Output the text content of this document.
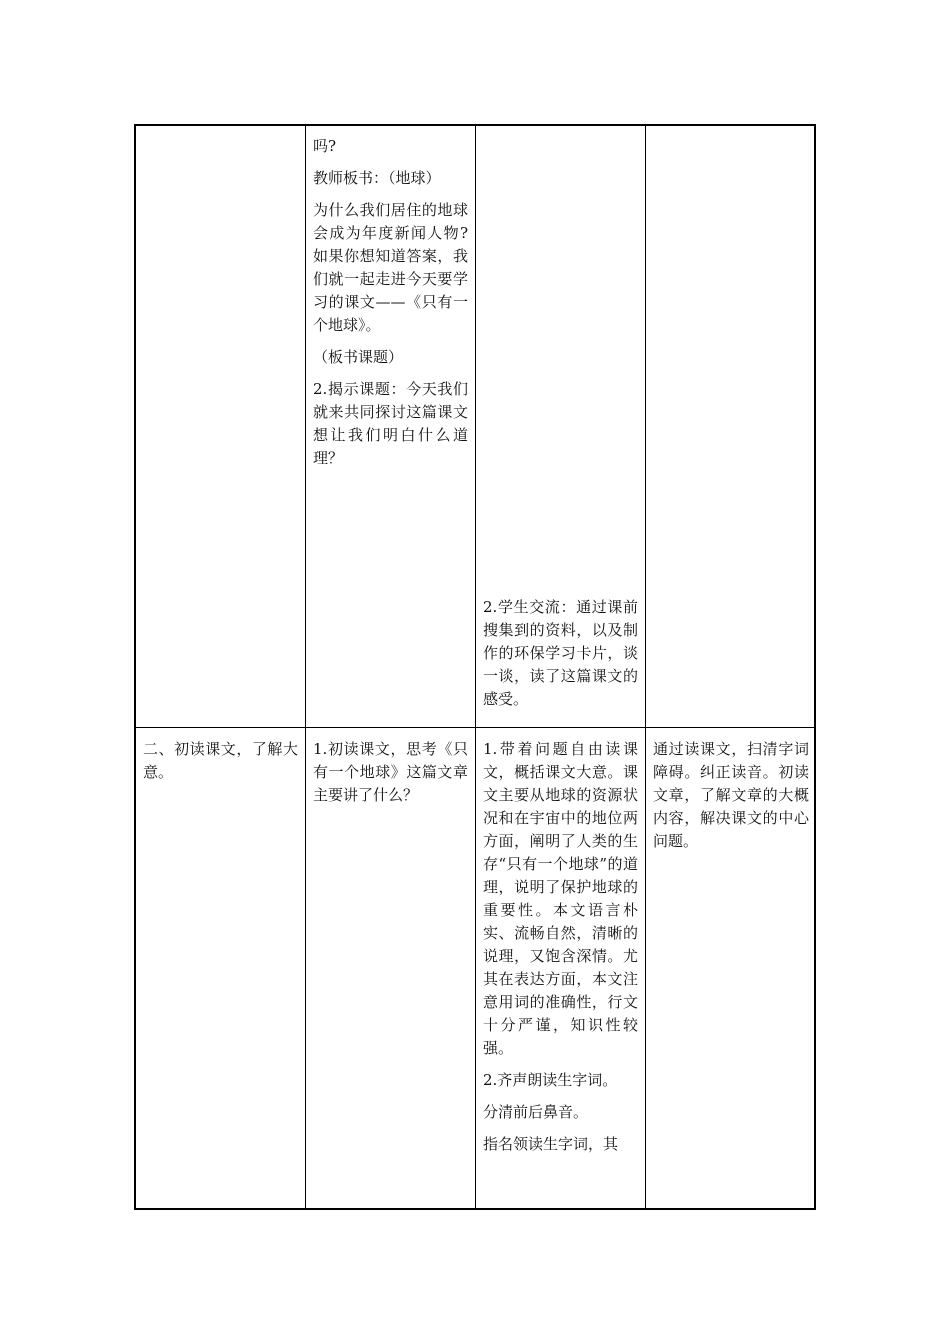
吗?

教师板书：（地球）

为什么我们居住的地球会成为年度新闻人物?如果你想知道答案，我们就一起走进今天要学习的课文——《只有一个地球》。

（板书课题）

2.揭示课题：今天我们就来共同探讨这篇课文想让我们明白什么道理？

2.学生交流：通过课前搜集到的资料，以及制作的环保学习卡片，谈一谈，读了这篇课文的感受。

二、初读课文，了解大意。

1.初读课文，思考《只有一个地球》这篇文章主要讲了什么？

1.带着问题自由读课文，概括课文大意。课文主要从地球的资源状况和在宇宙中的地位两方面，阐明了人类的生存“只有一个地球”的道理，说明了保护地球的重要性。本文语言朴实、流畅自然，清晰的说理，又饱含深情。尤其在表达方面，本文注意用词的准确性，行文十分严谨，知识性较强。

2.齐声朗读生字词。

分清前后鼻音。

指名领读生字词，其

通过读课文，扫清字词障碍。纠正读音。初读文章，了解文章的大概内容，解决课文的中心问题。
